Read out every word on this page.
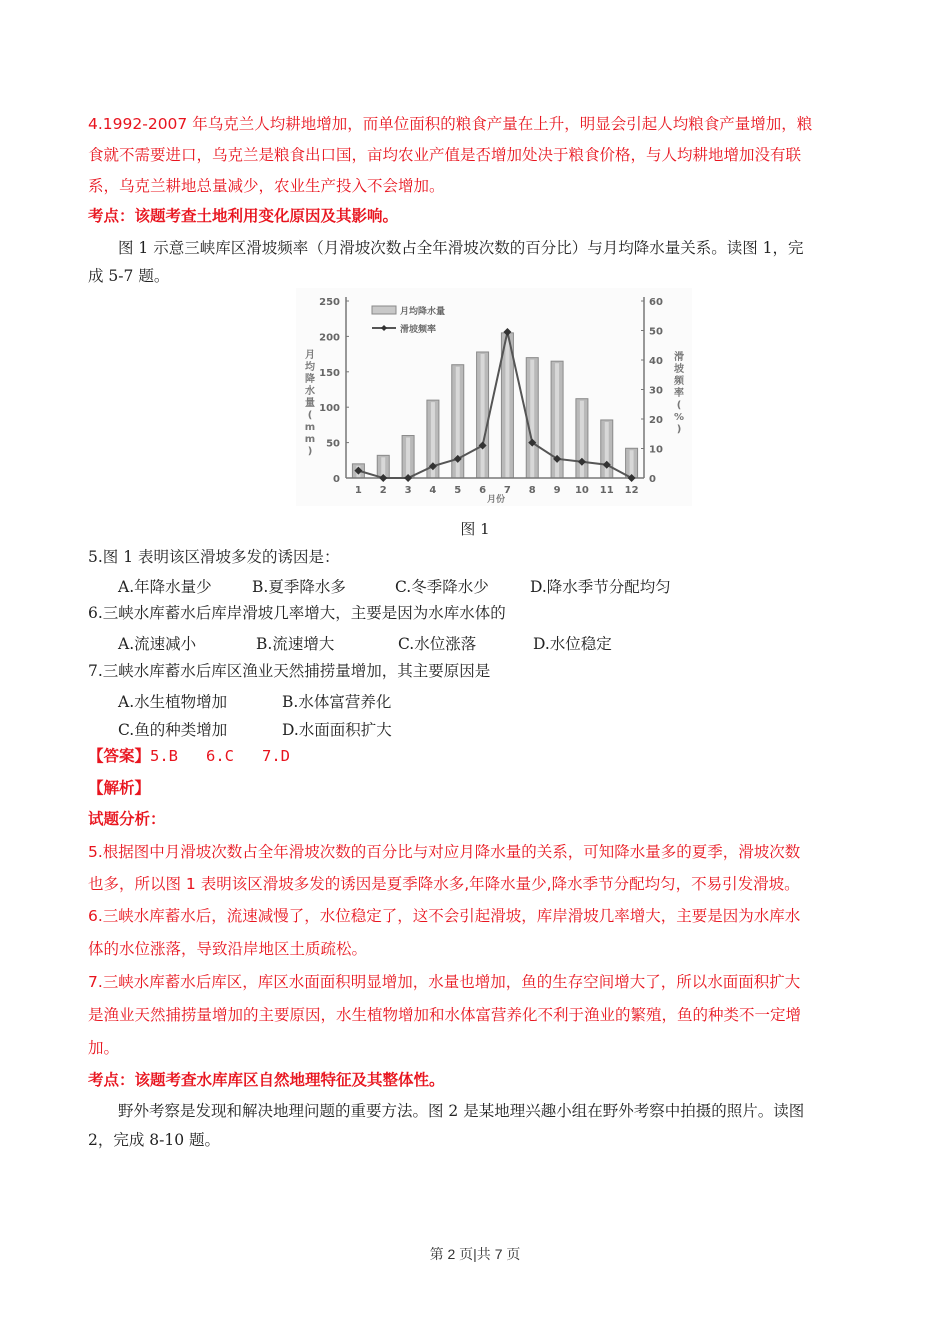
4.1992-2007 年乌克兰人均耕地增加，而单位面积的粮食产量在上升，明显会引起人均粮食产量增加，粮
食就不需要进口，乌克兰是粮食出口国，亩均农业产值是否增加处决于粮食价格，与人均耕地增加没有联
系，乌克兰耕地总量减少，农业生产投入不会增加。
考点：该题考查土地利用变化原因及其影响。
图 1 示意三峡库区滑坡频率（月滑坡次数占全年滑坡次数的百分比）与月均降水量关系。读图 1，完
成 5-7 题。
0
50
100
150
200
250
0
10
20
30
40
50
60
1 2 3 4 5 6 7 8 9 10 11 12
月均降水量
滑坡频率
月
均
降
水
量
(
m
m
)
滑
坡
频
率
(
%
)
月份
图 1
5.图 1 表明该区滑坡多发的诱因是：
A.年降水量少	B.夏季降水多	C.冬季降水少	D.降水季节分配均匀
6.三峡水库蓄水后库岸滑坡几率增大，主要是因为水库水体的
A.流速减小	B.流速增大	C.水位涨落	D.水位稳定
7.三峡水库蓄水后库区渔业天然捕捞量增加，其主要原因是
A.水生植物增加	B.水体富营养化
C.鱼的种类增加	D.水面面积扩大
【答案】5.B   6.C   7.D
【解析】
试题分析：
5.根据图中月滑坡次数占全年滑坡次数的百分比与对应月降水量的关系，可知降水量多的夏季，滑坡次数
也多，所以图 1 表明该区滑坡多发的诱因是夏季降水多,年降水量少,降水季节分配均匀，不易引发滑坡。
6.三峡水库蓄水后，流速减慢了，水位稳定了，这不会引起滑坡，库岸滑坡几率增大，主要是因为水库水
体的水位涨落，导致沿岸地区土质疏松。
7.三峡水库蓄水后库区，库区水面面积明显增加，水量也增加，鱼的生存空间增大了，所以水面面积扩大
是渔业天然捕捞量增加的主要原因，水生植物增加和水体富营养化不利于渔业的繁殖，鱼的种类不一定增
加。
考点：该题考查水库库区自然地理特征及其整体性。
野外考察是发现和解决地理问题的重要方法。图 2 是某地理兴趣小组在野外考察中拍摄的照片。读图
2，完成 8-10 题。
第 2 页|共 7 页
